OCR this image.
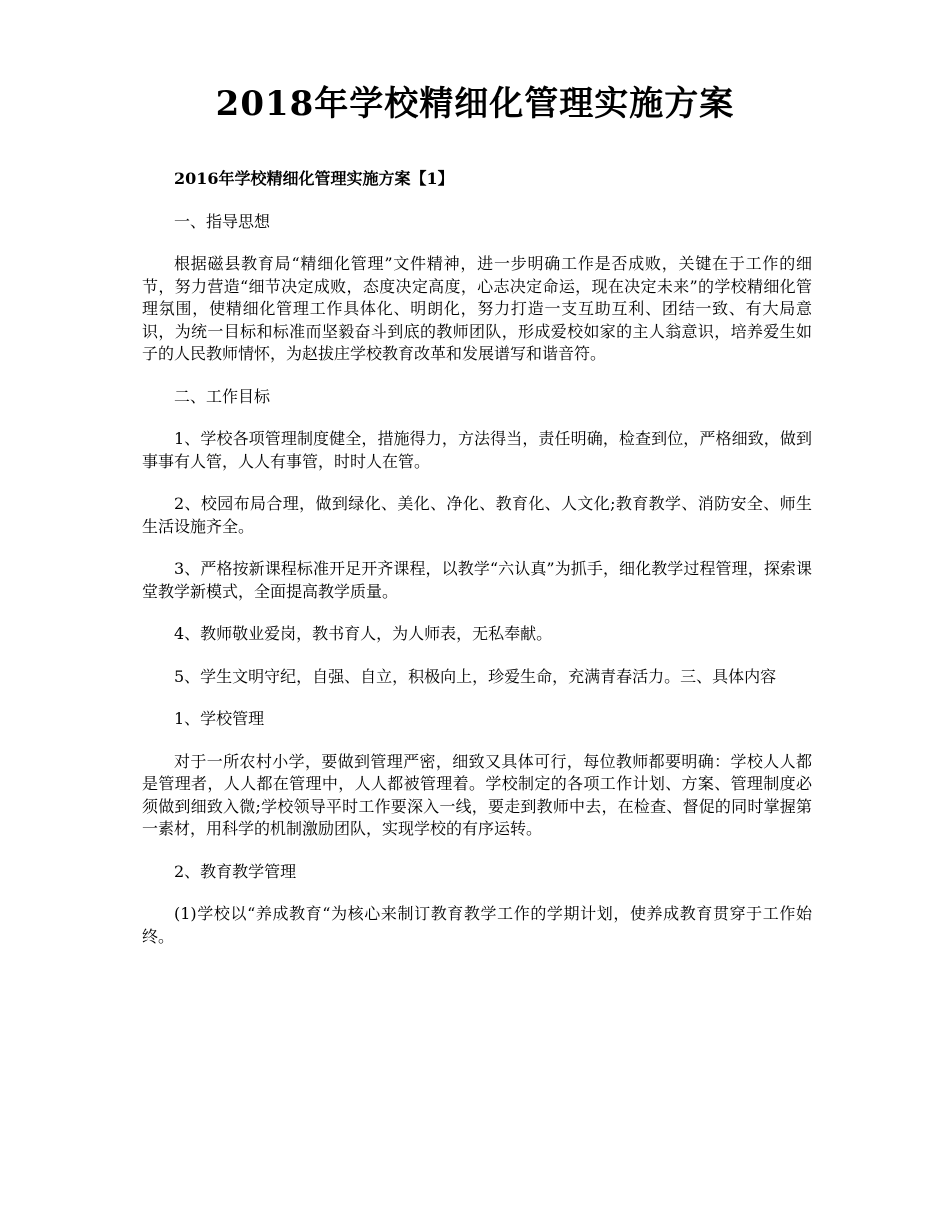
2018年学校精细化管理实施方案

2016年学校精细化管理实施方案【1】

一、指导思想

根据磁县教育局“精细化管理”文件精神，进一步明确工作是否成败，关键在于工作的细节，努力营造“细节决定成败，态度决定高度，心志决定命运，现在决定未来”的学校精细化管理氛围，使精细化管理工作具体化、明朗化，努力打造一支互助互利、团结一致、有大局意识，为统一目标和标准而坚毅奋斗到底的教师团队，形成爱校如家的主人翁意识，培养爱生如子的人民教师情怀，为赵拔庄学校教育改革和发展谱写和谐音符。

二、工作目标

1、学校各项管理制度健全，措施得力，方法得当，责任明确，检查到位，严格细致，做到事事有人管，人人有事管，时时人在管。

2、校园布局合理，做到绿化、美化、净化、教育化、人文化;教育教学、消防安全、师生生活设施齐全。

3、严格按新课程标准开足开齐课程，以教学“六认真”为抓手，细化教学过程管理，探索课堂教学新模式，全面提高教学质量。

4、教师敬业爱岗，教书育人，为人师表，无私奉献。

5、学生文明守纪，自强、自立，积极向上，珍爱生命，充满青春活力。三、具体内容

1、学校管理

对于一所农村小学，要做到管理严密，细致又具体可行，每位教师都要明确：学校人人都是管理者，人人都在管理中，人人都被管理着。学校制定的各项工作计划、方案、管理制度必须做到细致入微;学校领导平时工作要深入一线，要走到教师中去，在检查、督促的同时掌握第一素材，用科学的机制激励团队，实现学校的有序运转。

2、教育教学管理

(1)学校以“养成教育“为核心来制订教育教学工作的学期计划，使养成教育贯穿于工作始终。
